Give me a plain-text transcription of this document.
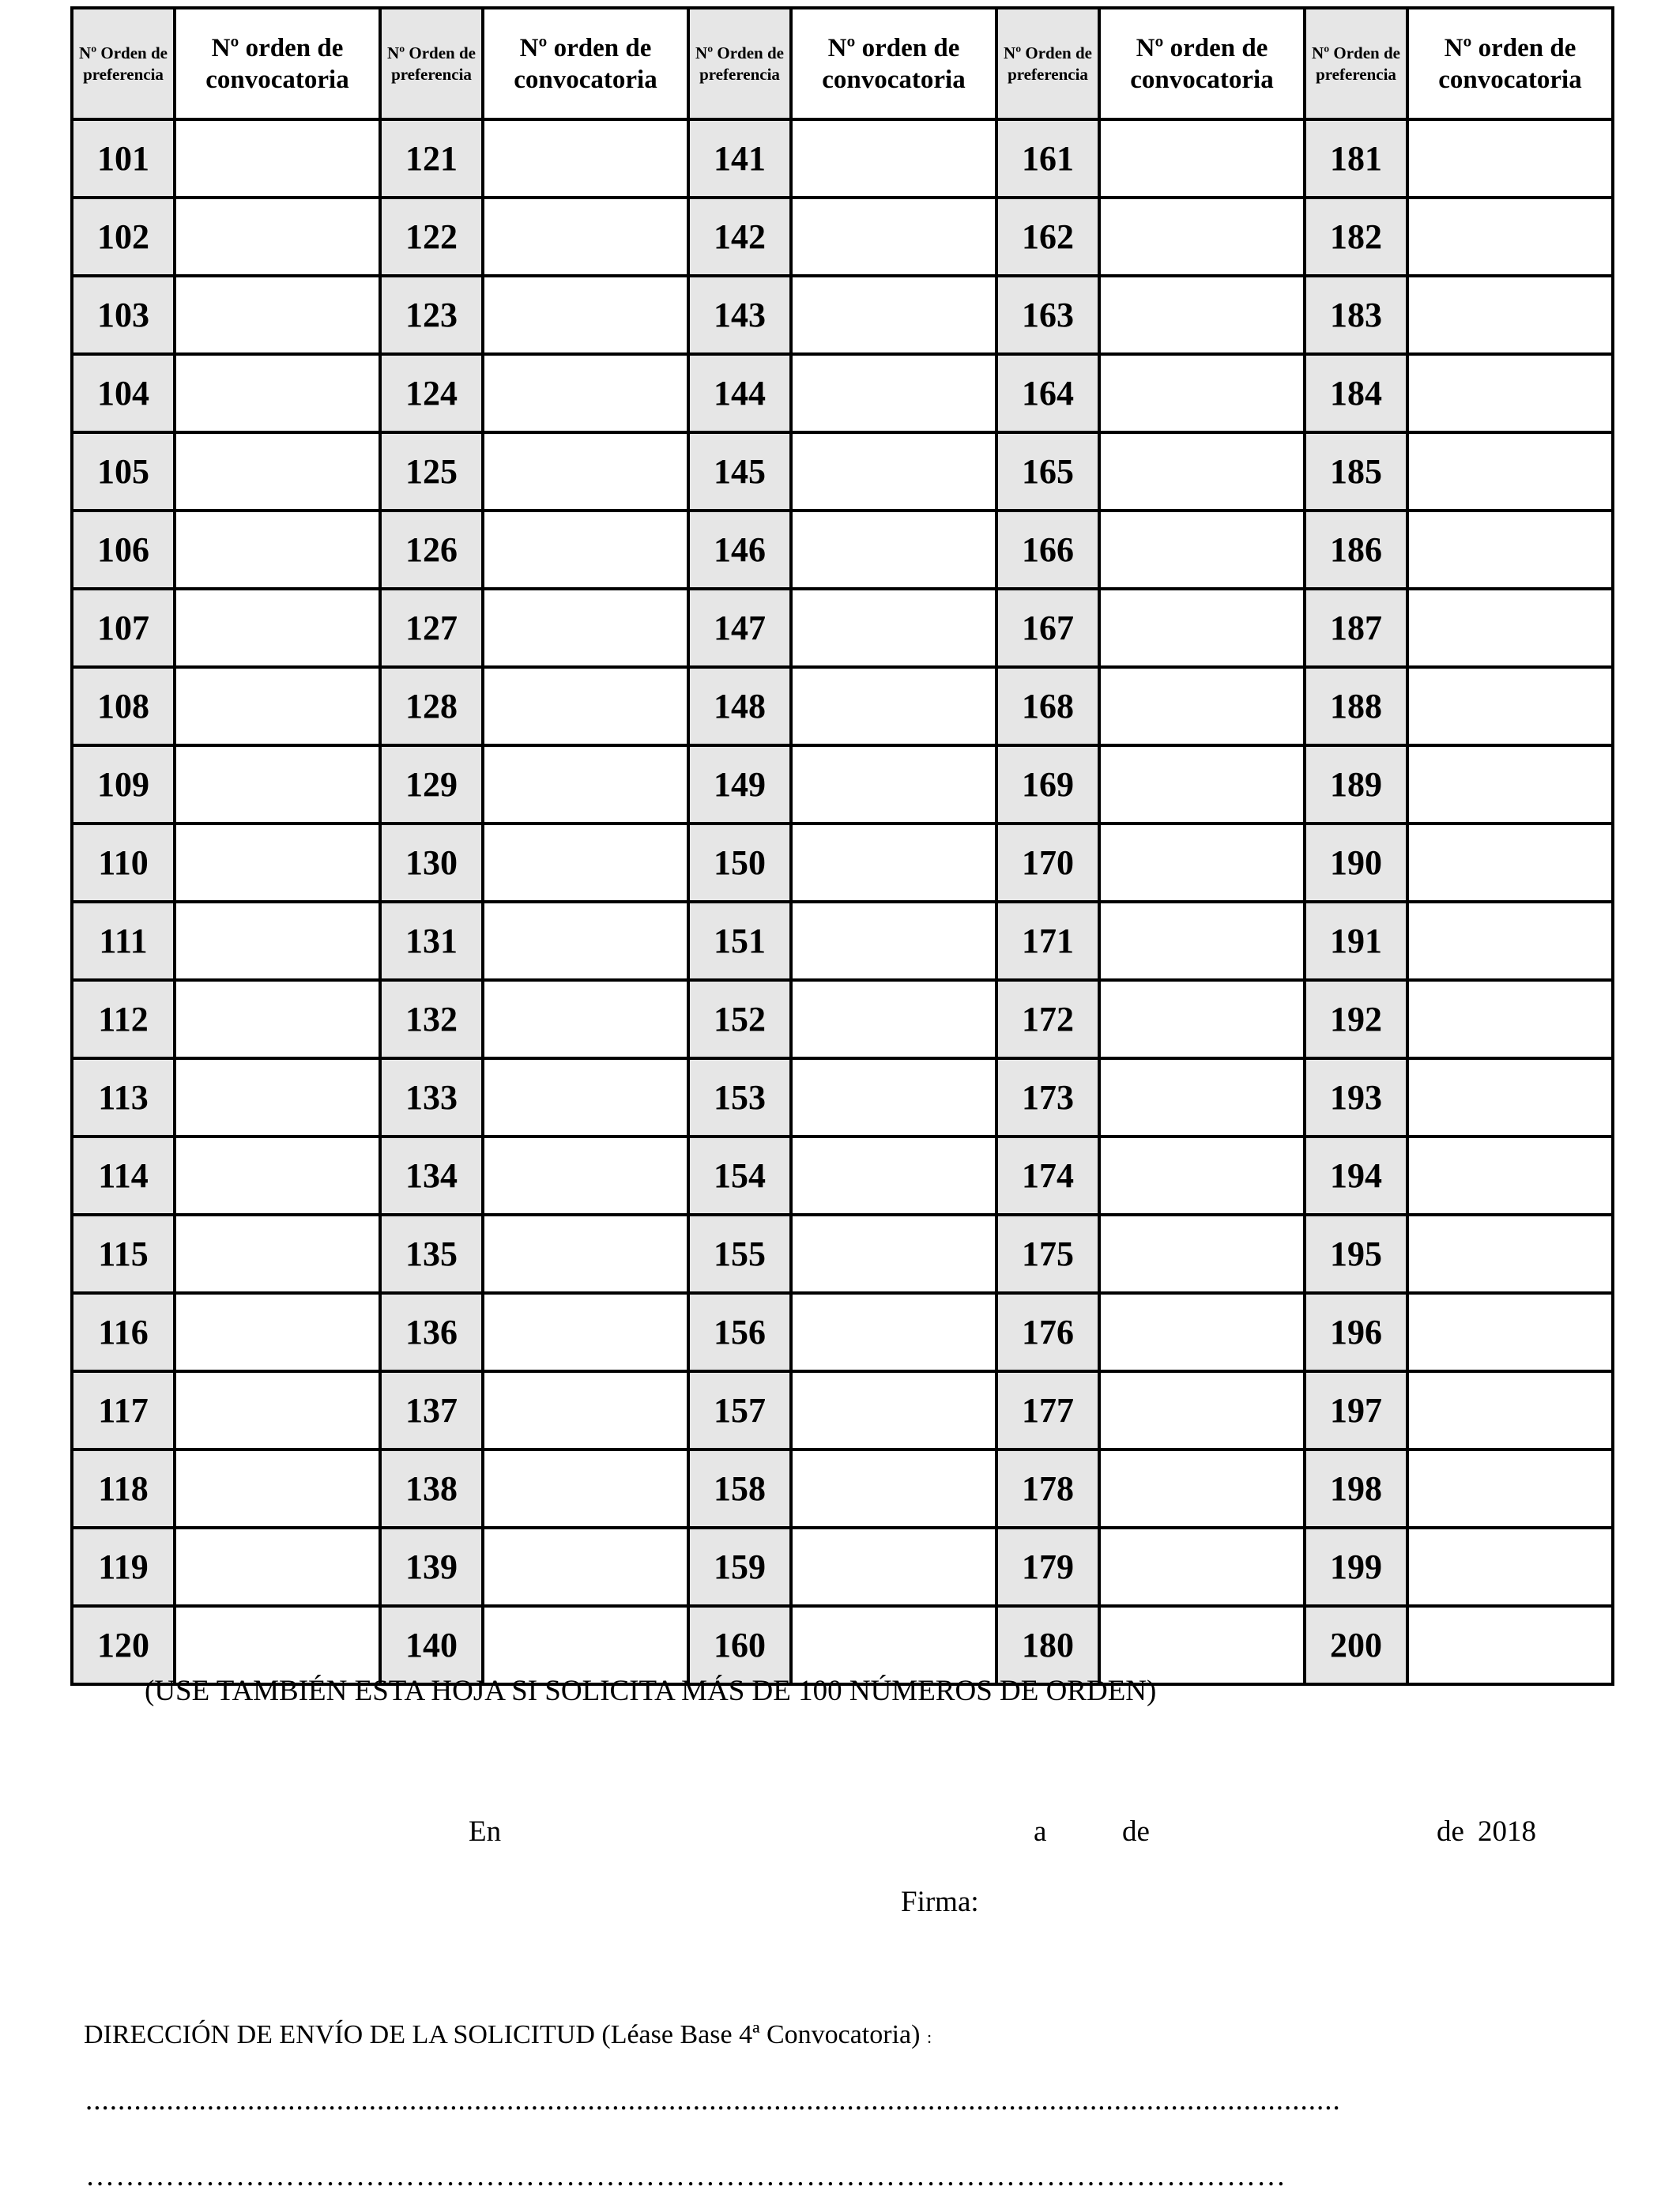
Nº Orden de preferencia	Nº orden de convocatoria	Nº Orden de preferencia	Nº orden de convocatoria	Nº Orden de preferencia	Nº orden de convocatoria	Nº Orden de preferencia	Nº orden de convocatoria	Nº Orden de preferencia	Nº orden de convocatoria
101		121		141		161		181	
102		122		142		162		182	
103		123		143		163		183	
104		124		144		164		184	
105		125		145		165		185	
106		126		146		166		186	
107		127		147		167		187	
108		128		148		168		188	
109		129		149		169		189	
110		130		150		170		190	
111		131		151		171		191	
112		132		152		172		192	
113		133		153		173		193	
114		134		154		174		194	
115		135		155		175		195	
116		136		156		176		196	
117		137		157		177		197	
118		138		158		178		198	
119		139		159		179		199	
120		140		160		180		200	
(USE TAMBIÉN ESTA HOJA SI SOLICITA MÁS DE 100 NÚMEROS DE ORDEN)
En	a	de	de 2018
Firma:
DIRECCIÓN DE ENVÍO DE LA SOLICITUD (Léase Base 4ª Convocatoria) :
...........................................................................................................................................................
…………………………………………………………………………………………………………
